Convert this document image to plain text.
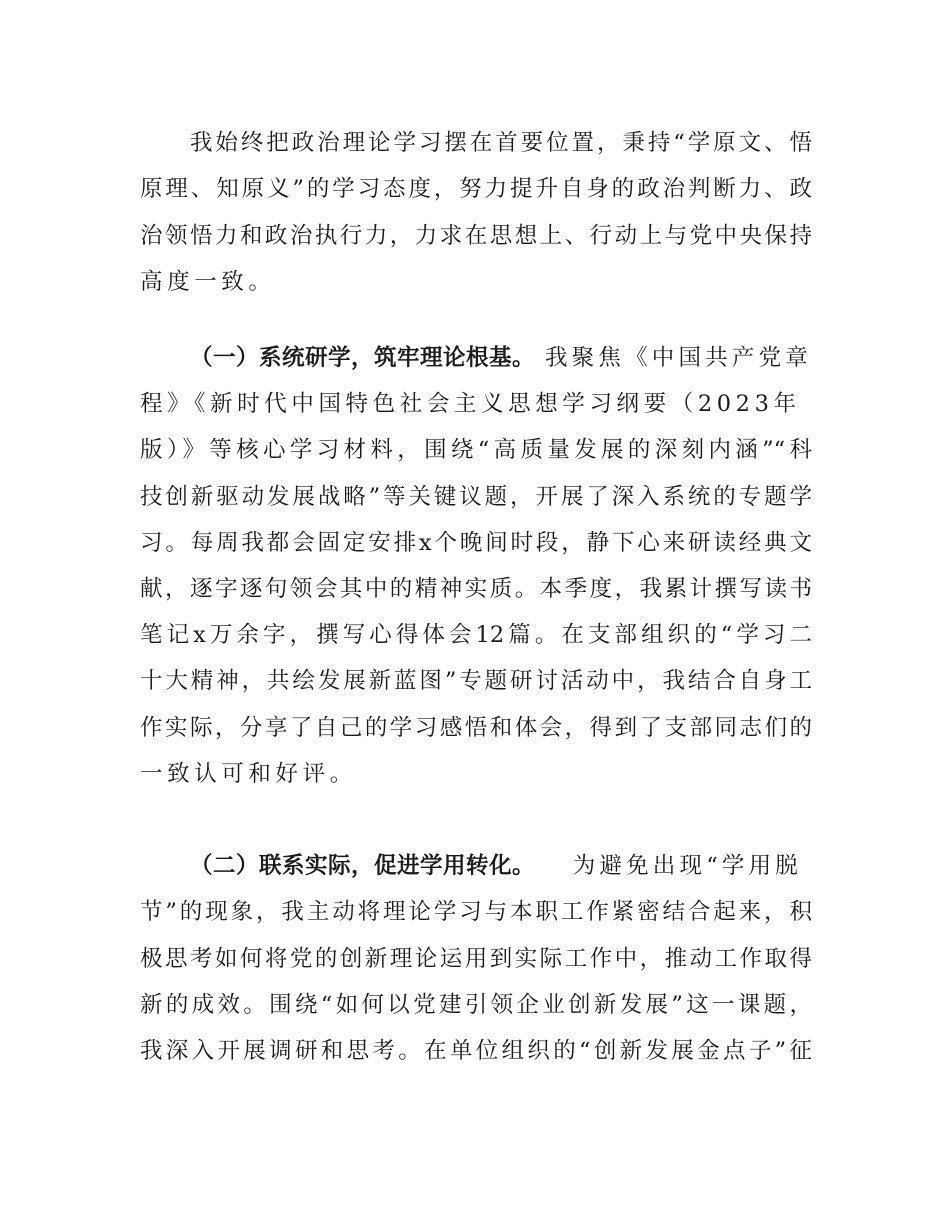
我始终把政治理论学习摆在首要位置，秉持“学原文、悟
原理、知原义”的学习态度，努力提升自身的政治判断力、政
治领悟力和政治执行力，力求在思想上、行动上与党中央保持
高度一致。
（一）系统研学，筑牢理论根基。 我聚焦《中国共产党章
程》《新时代中国特色社会主义思想学习纲要（2023年
版）》等核心学习材料，围绕“高质量发展的深刻内涵”“科
技创新驱动发展战略”等关键议题，开展了深入系统的专题学
习。每周我都会固定安排x个晚间时段，静下心来研读经典文
献，逐字逐句领会其中的精神实质。本季度，我累计撰写读书
笔记x万余字，撰写心得体会12篇。在支部组织的“学习二
十大精神，共绘发展新蓝图”专题研讨活动中，我结合自身工
作实际，分享了自己的学习感悟和体会，得到了支部同志们的
一致认可和好评。
（二）联系实际，促进学用转化。 为避免出现“学用脱
节”的现象，我主动将理论学习与本职工作紧密结合起来，积
极思考如何将党的创新理论运用到实际工作中，推动工作取得
新的成效。围绕“如何以党建引领企业创新发展”这一课题，
我深入开展调研和思考。在单位组织的“创新发展金点子”征
